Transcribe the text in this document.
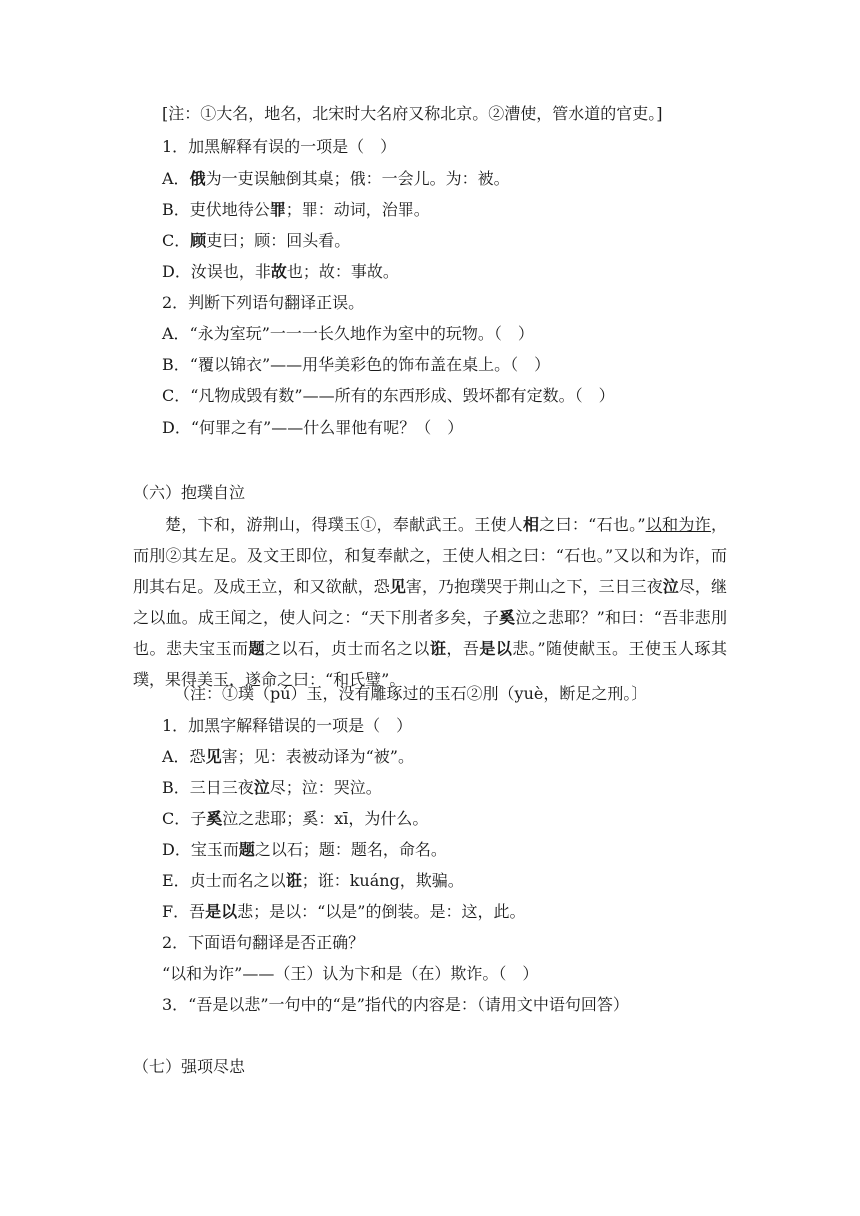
[注：①大名，地名，北宋时大名府又称北京。②漕使，管水道的官吏。]
1．加黑解释有误的一项是（　）
A．俄为一吏误触倒其桌；俄：一会儿。为：被。
B．吏伏地待公罪；罪：动词，治罪。
C．顾吏曰；顾：回头看。
D．汝误也，非故也；故：事故。
2．判断下列语句翻译正误。
A．“永为室玩”一一一长久地作为室中的玩物。（　）
B．“覆以锦衣”——用华美彩色的饰布盖在桌上。（　）
C．“凡物成毁有数”——所有的东西形成、毁坏都有定数。（　）
D．“何罪之有”——什么罪他有呢？（　）
（六）抱璞自泣
楚，卞和，游荆山，得璞玉①，奉献武王。王使人相之曰：“石也。”以和为诈，而刖②其左足。及文王即位，和复奉献之，王使人相之曰：“石也。”又以和为诈，而刖其右足。及成王立，和又欲献，恐见害，乃抱璞哭于荆山之下，三日三夜泣尽，继之以血。成王闻之，使人问之：“天下刖者多矣，子奚泣之悲耶？”和曰：“吾非悲刖也。悲夫宝玉而题之以石，贞士而名之以诳，吾是以悲。”随使献玉。王使玉人琢其璞，果得美玉，遂命之曰：“和氏璧”。
（注：①璞（pú）玉，没有雕琢过的玉石②刖（yuè，断足之刑。〕
1．加黑字解释错误的一项是（　）
A．恐见害；见：表被动译为“被”。
B．三日三夜泣尽；泣：哭泣。
C．子奚泣之悲耶；奚：xī，为什么。
D．宝玉而题之以石；题：题名，命名。
E．贞士而名之以诳；诳：kuáng，欺骗。
F．吾是以悲；是以：“以是”的倒装。是：这，此。
2．下面语句翻译是否正确？
“以和为诈”——（王）认为卞和是（在）欺诈。（　）
3．“吾是以悲”一句中的“是”指代的内容是：（请用文中语句回答）
（七）强项尽忠
